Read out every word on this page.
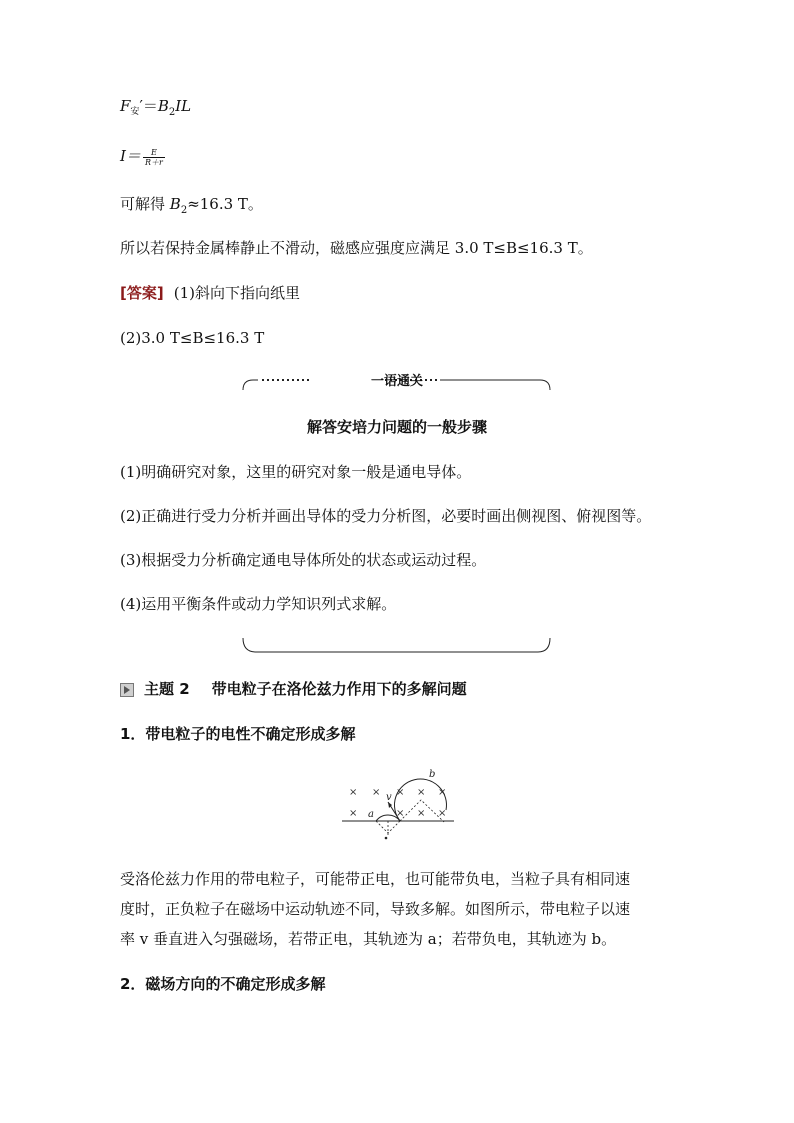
$F_安'=B_2IL$
$I= \frac{E}{R+r}$
可解得 $B_2\approx 16.3$ T。
所以若保持金属棒静止不滑动，磁感应强度应满足 3.0 T≤B≤16.3 T。
[答案] (1)斜向下指向纸里
(2)3.0 T≤B≤16.3 T
一语通关
解答安培力问题的一般步骤
(1)明确研究对象，这里的研究对象一般是通电导体。
(2)正确进行受力分析并画出导体的受力分析图，必要时画出侧视图、俯视图等。
(3)根据受力分析确定通电导体所处的状态或运动过程。
(4)运用平衡条件或动力学知识列式求解。
主题 2 带电粒子在洛伦兹力作用下的多解问题
1．带电粒子的电性不确定形成多解
× ×
×
× × ×
× × ×
v
a
b
受洛伦兹力作用的带电粒子，可能带正电，也可能带负电，当粒子具有相同速
度时，正负粒子在磁场中运动轨迹不同，导致多解。如图所示，带电粒子以速
率 v 垂直进入匀强磁场，若带正电，其轨迹为 a；若带负电，其轨迹为 b。
2．磁场方向的不确定形成多解
